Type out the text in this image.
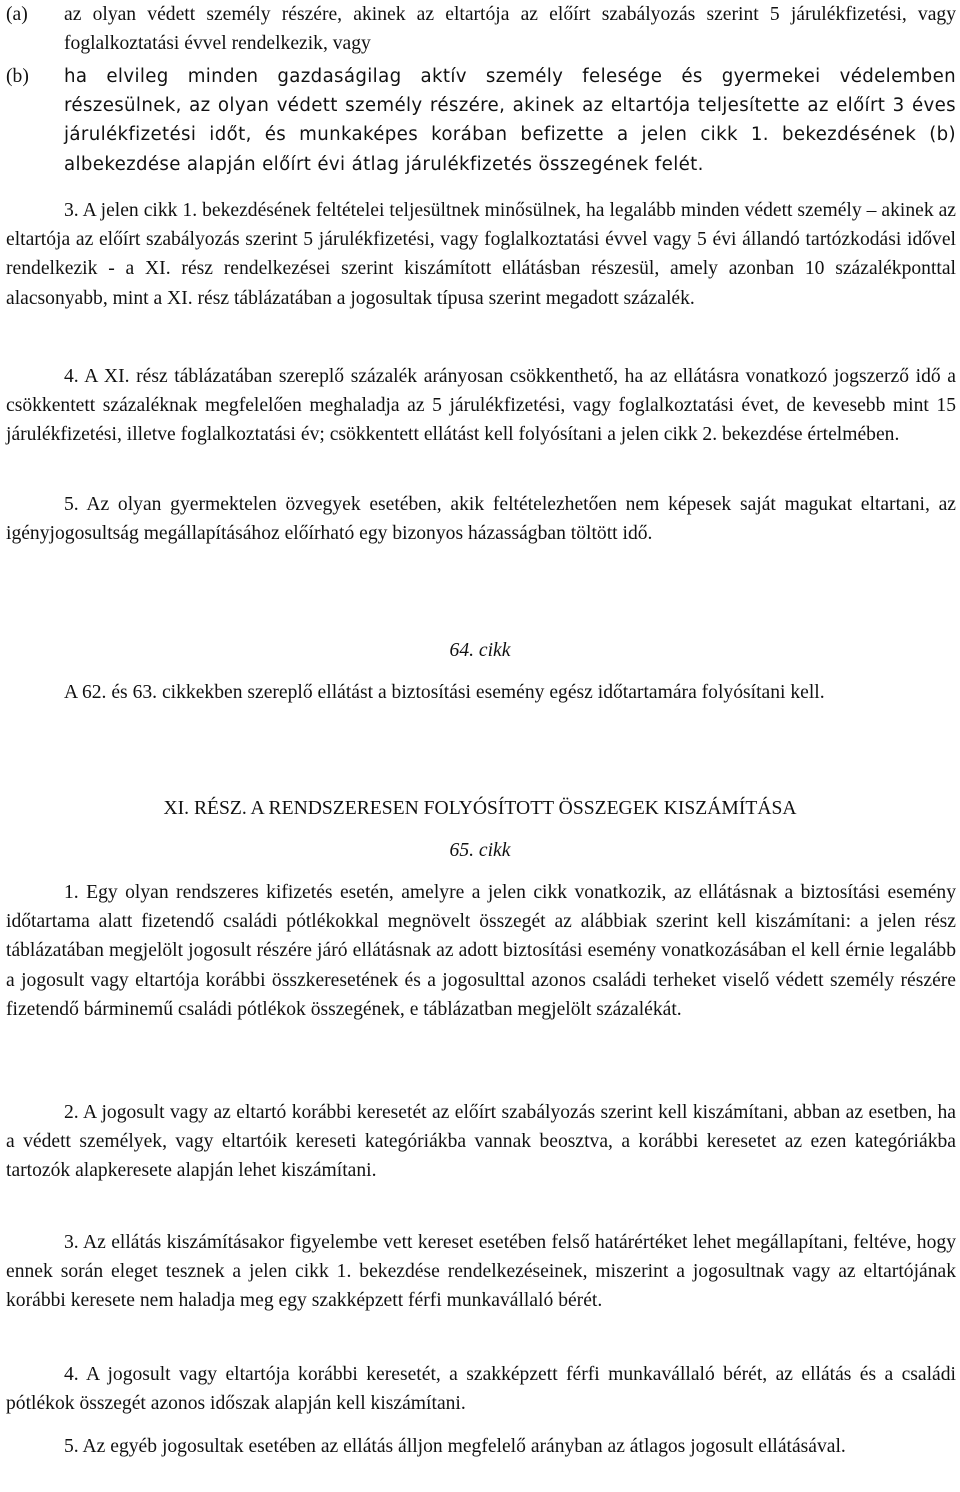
(a)	az olyan védett személy részére, akinek az eltartója az előírt szabályozás szerint 5 járulékfizetési, vagy foglalkoztatási évvel rendelkezik, vagy
(b)	ha elvileg minden gazdaságilag aktív személy felesége és gyermekei védelemben részesülnek, az olyan védett személy részére, akinek az eltartója teljesítette az előírt 3 éves járulékfizetési időt, és munkaképes korában befizette a jelen cikk 1. bekezdésének (b) albekezdése alapján előírt évi átlag járulékfizetés összegének felét.
3. A jelen cikk 1. bekezdésének feltételei teljesültnek minősülnek, ha legalább minden védett személy – akinek az eltartója az előírt szabályozás szerint 5 járulékfizetési, vagy foglalkoztatási évvel vagy 5 évi állandó tartózkodási idővel rendelkezik - a XI. rész rendelkezései szerint kiszámított ellátásban részesül, amely azonban 10 százalékponttal alacsonyabb, mint a XI. rész táblázatában a jogosultak típusa szerint megadott százalék.
4. A XI. rész táblázatában szereplő százalék arányosan csökkenthető, ha az ellátásra vonatkozó jogszerző idő a csökkentett százaléknak megfelelően meghaladja az 5 járulékfizetési, vagy foglalkoztatási évet, de kevesebb mint 15 járulékfizetési, illetve foglalkoztatási év; csökkentett ellátást kell folyósítani a jelen cikk 2. bekezdése értelmében.
5. Az olyan gyermektelen özvegyek esetében, akik feltételezhetően nem képesek saját magukat eltartani, az igényjogosultság megállapításához előírható egy bizonyos házasságban töltött idő.
64. cikk
A 62. és 63. cikkekben szereplő ellátást a biztosítási esemény egész időtartamára folyósítani kell.
XI. RÉSZ. A RENDSZERESEN FOLYÓSÍTOTT ÖSSZEGEK KISZÁMÍTÁSA
65. cikk
1. Egy olyan rendszeres kifizetés esetén, amelyre a jelen cikk vonatkozik, az ellátásnak a biztosítási esemény időtartama alatt fizetendő családi pótlékokkal megnövelt összegét az alábbiak szerint kell kiszámítani: a jelen rész táblázatában megjelölt jogosult részére járó ellátásnak az adott biztosítási esemény vonatkozásában el kell érnie legalább a jogosult vagy eltartója korábbi összkeresetének és a jogosulttal azonos családi terheket viselő védett személy részére fizetendő bárminemű családi pótlékok összegének, e táblázatban megjelölt százalékát.
2. A jogosult vagy az eltartó korábbi keresetét az előírt szabályozás szerint kell kiszámítani, abban az esetben, ha a védett személyek, vagy eltartóik kereseti kategóriákba vannak beosztva, a korábbi keresetet az ezen kategóriákba tartozók alapkeresete alapján lehet kiszámítani.
3. Az ellátás kiszámításakor figyelembe vett kereset esetében felső határértéket lehet megállapítani, feltéve, hogy ennek során eleget tesznek a jelen cikk 1. bekezdése rendelkezéseinek, miszerint a jogosultnak vagy az eltartójának korábbi keresete nem haladja meg egy szakképzett férfi munkavállaló bérét.
4. A jogosult vagy eltartója korábbi keresetét, a szakképzett férfi munkavállaló bérét, az ellátás és a családi pótlékok összegét azonos időszak alapján kell kiszámítani.
5. Az egyéb jogosultak esetében az ellátás álljon megfelelő arányban az átlagos jogosult ellátásával.
